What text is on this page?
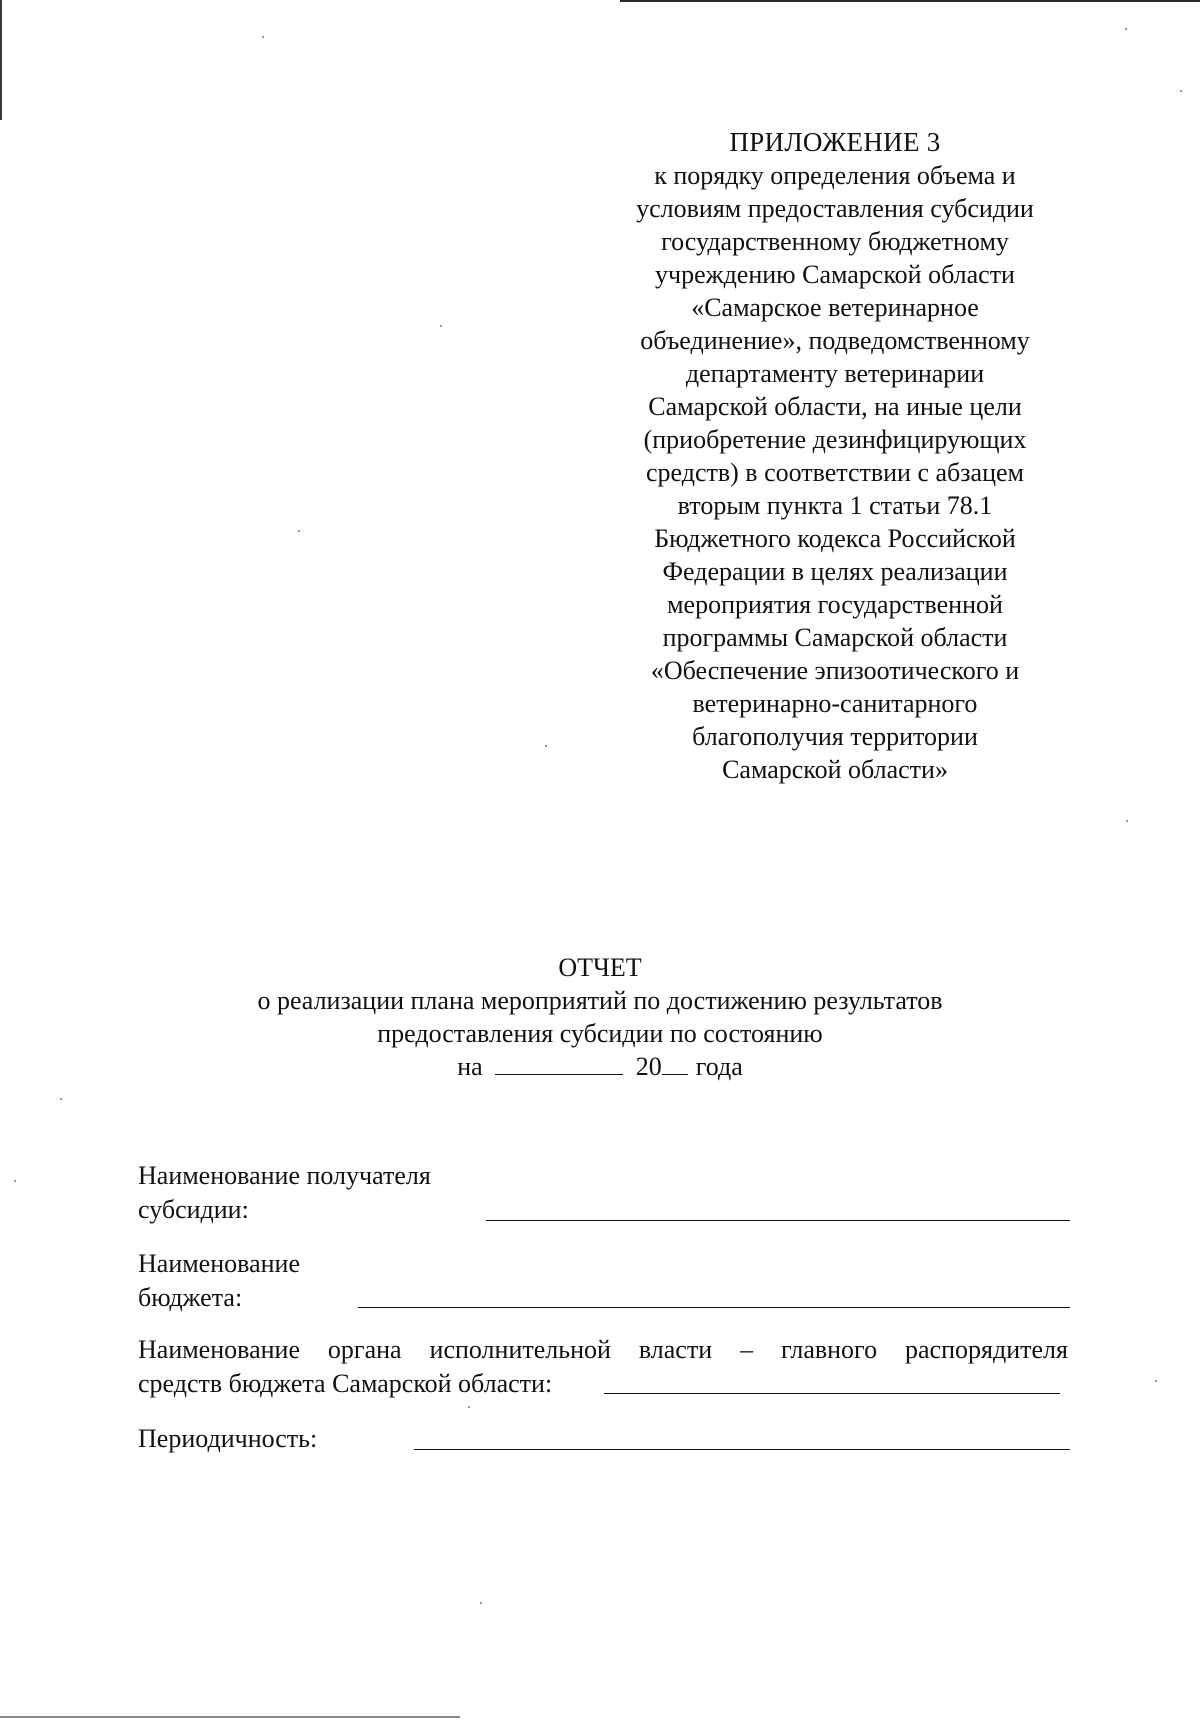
ПРИЛОЖЕНИЕ 3
к порядку определения объема и
условиям предоставления субсидии
государственному бюджетному
учреждению Самарской области
«Самарское ветеринарное
объединение», подведомственному
департаменту ветеринарии
Самарской области, на иные цели
(приобретение дезинфицирующих
средств) в соответствии с абзацем
вторым пункта 1 статьи 78.1
Бюджетного кодекса Российской
Федерации в целях реализации
мероприятия государственной
программы Самарской области
«Обеспечение эпизоотического и
ветеринарно-санитарного
благополучия территории
Самарской области»
ОТЧЕТ
о реализации плана мероприятий по достижению результатов
предоставления субсидии по состоянию
на	20 года
Наименование получателя
субсидии:
Наименование
бюджета:
Наименование органа исполнительной власти – главного распорядителя
средств бюджета Самарской области:
Периодичность:
